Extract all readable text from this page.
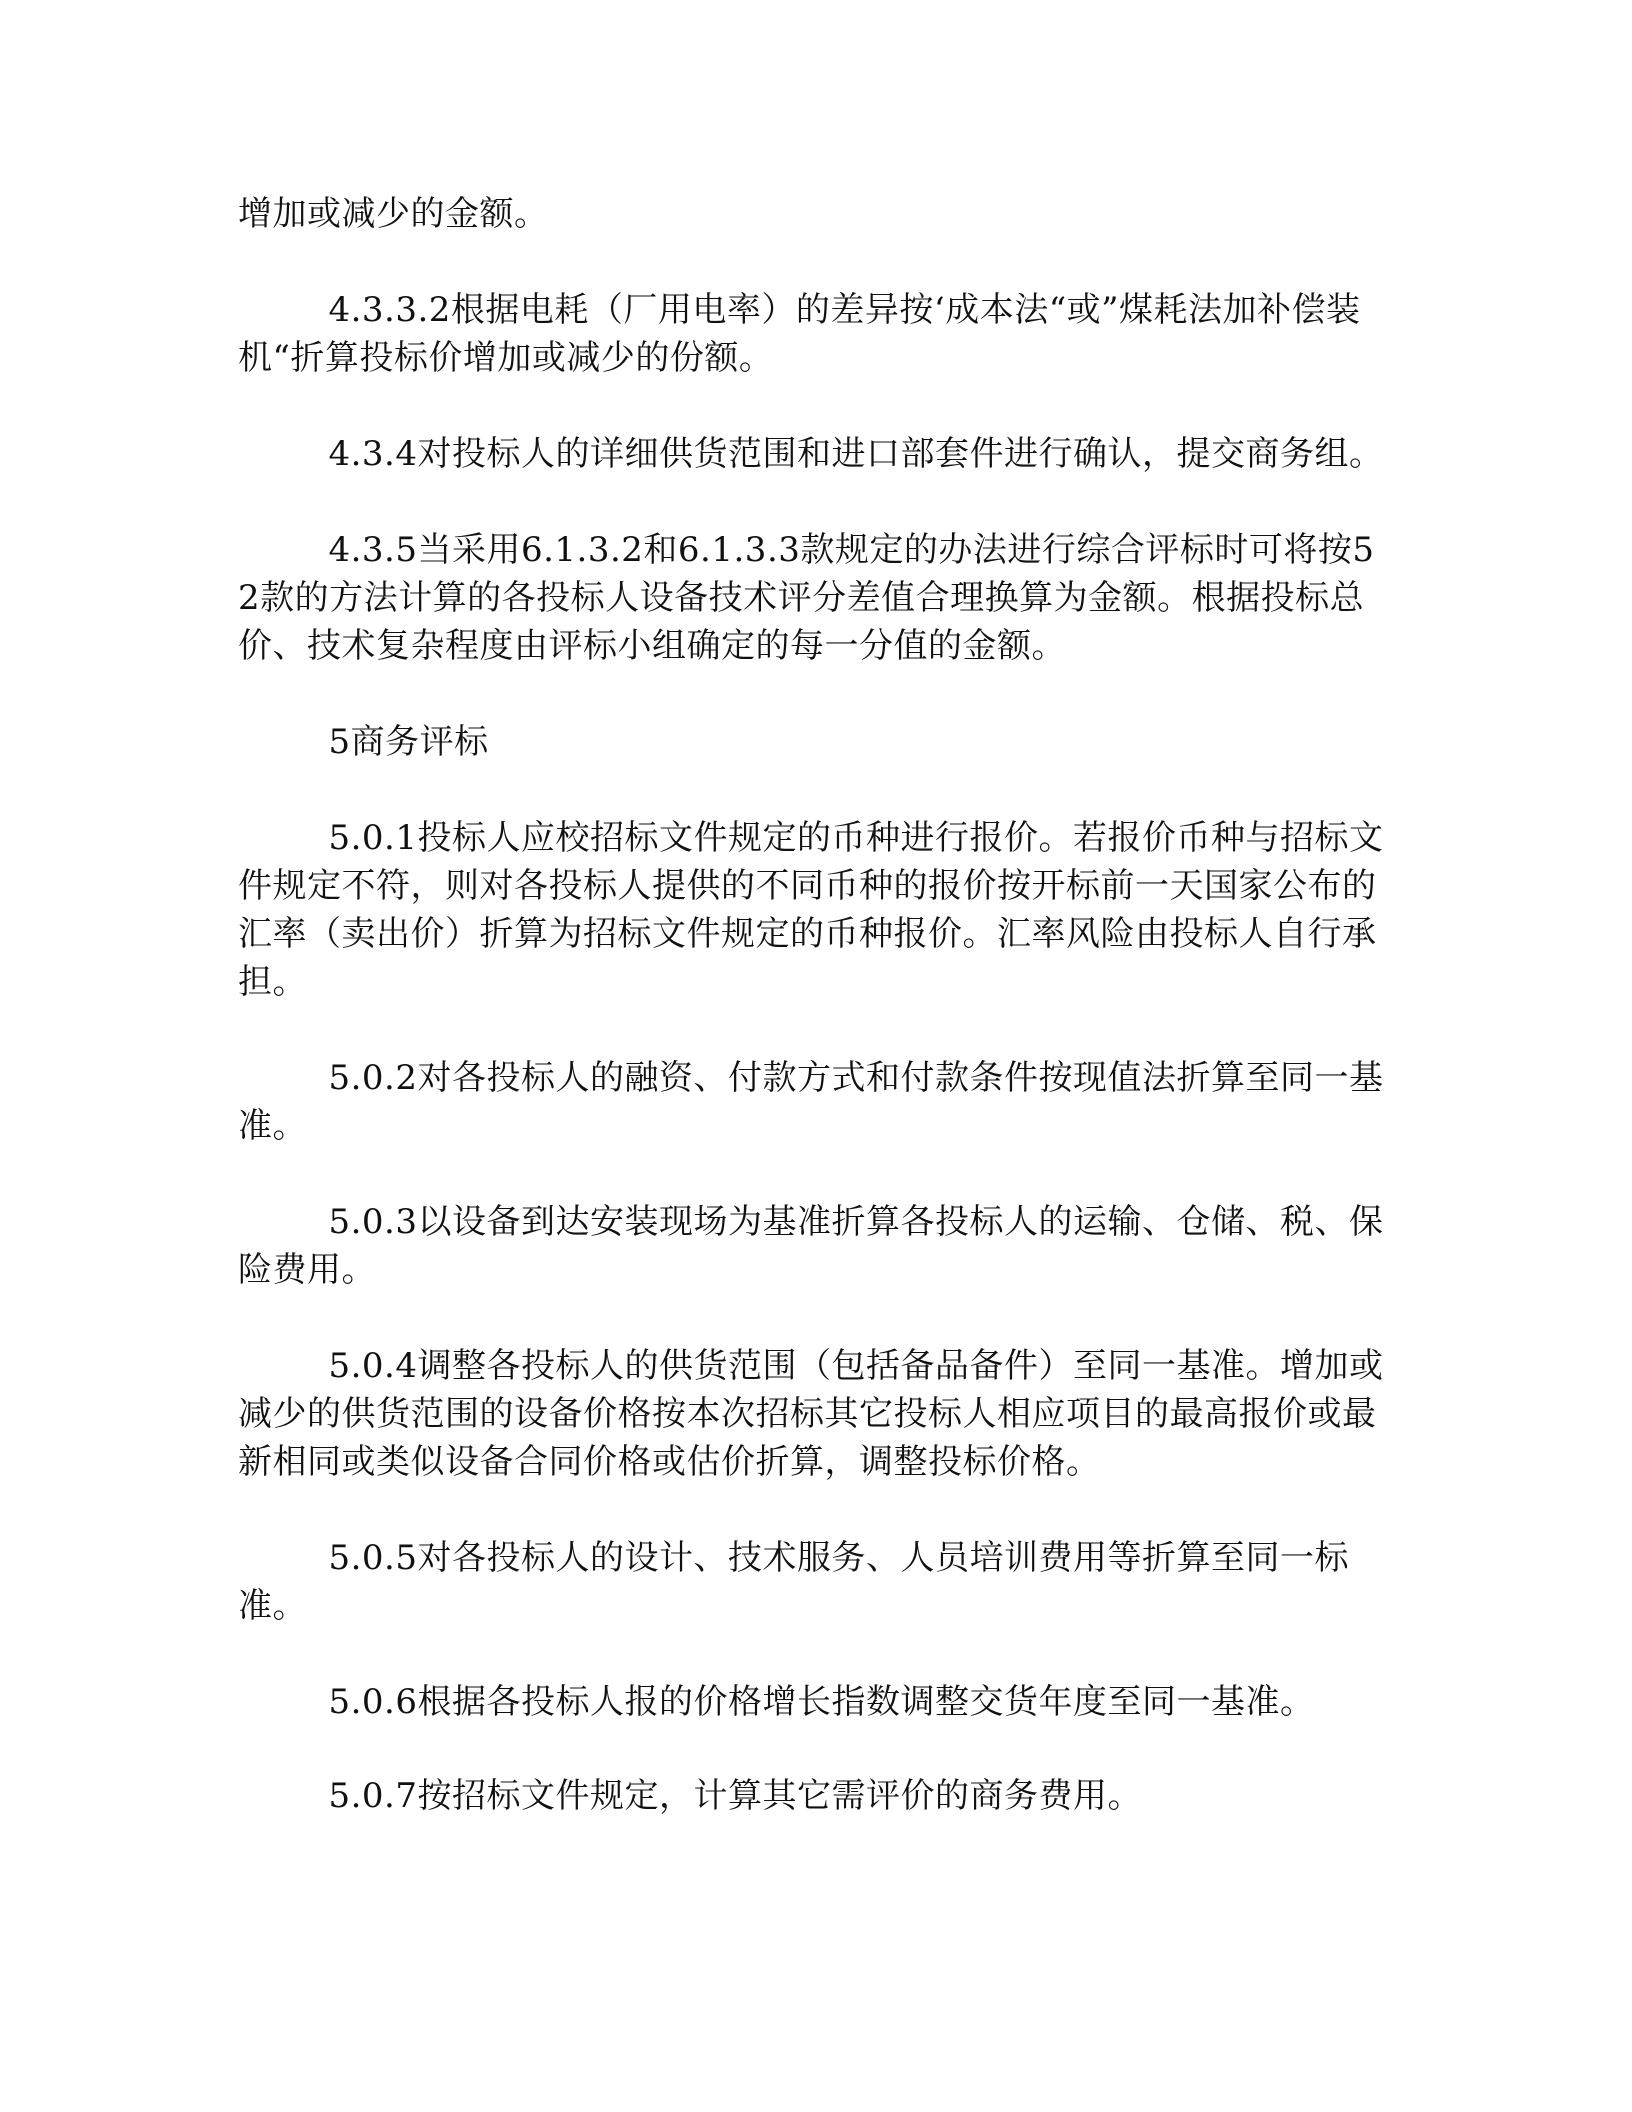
增加或减少的金额。

4.3.3.2根据电耗（厂用电率）的差异按‘成本法“或”煤耗法加补偿装机“折算投标价增加或减少的份额。

4.3.4对投标人的详细供货范围和进口部套件进行确认，提交商务组。

4.3.5当采用6.1.3.2和6.1.3.3款规定的办法进行综合评标时可将按52款的方法计算的各投标人设备技术评分差值合理换算为金额。根据投标总价、技术复杂程度由评标小组确定的每一分值的金额。

5商务评标

5.0.1投标人应校招标文件规定的币种进行报价。若报价币种与招标文件规定不符，则对各投标人提供的不同币种的报价按开标前一天国家公布的汇率（卖出价）折算为招标文件规定的币种报价。汇率风险由投标人自行承担。

5.0.2对各投标人的融资、付款方式和付款条件按现值法折算至同一基准。

5.0.3以设备到达安装现场为基准折算各投标人的运输、仓储、税、保险费用。

5.0.4调整各投标人的供货范围（包括备品备件）至同一基准。增加或减少的供货范围的设备价格按本次招标其它投标人相应项目的最高报价或最新相同或类似设备合同价格或估价折算，调整投标价格。

5.0.5对各投标人的设计、技术服务、人员培训费用等折算至同一标准。

5.0.6根据各投标人报的价格增长指数调整交货年度至同一基准。

5.0.7按招标文件规定，计算其它需评价的商务费用。
